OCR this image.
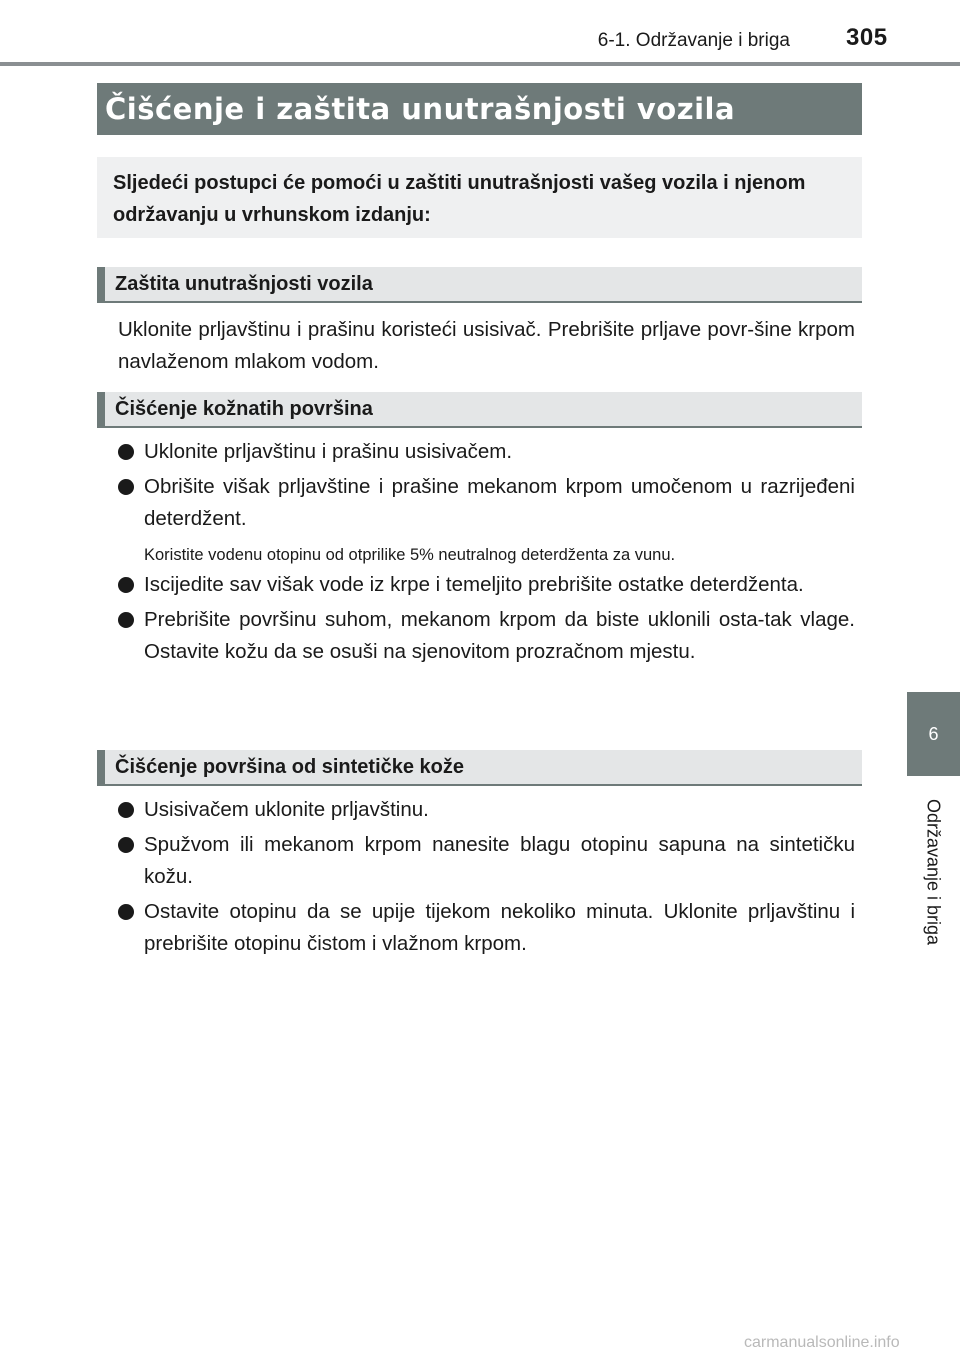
6-1. Održavanje i briga 305
Čišćenje i zaštita unutrašnjosti vozila
Sljedeći postupci će pomoći u zaštiti unutrašnjosti vašeg vozila i njenom održavanju u vrhunskom izdanju:
Zaštita unutrašnjosti vozila
Uklonite prljavštinu i prašinu koristeći usisivač. Prebrišite prljave povr-šine krpom navlaženom mlakom vodom.
Čišćenje kožnatih površina
Uklonite prljavštinu i prašinu usisivačem.
Obrišite višak prljavštine i prašine mekanom krpom umočenom u razrijeđeni deterdžent.
Koristite vodenu otopinu od otprilike 5% neutralnog deterdženta za vunu.
Iscijedite sav višak vode iz krpe i temeljito prebrišite ostatke deterdženta.
Prebrišite površinu suhom, mekanom krpom da biste uklonili osta-tak vlage. Ostavite kožu da se osuši na sjenovitom prozračnom mjestu.
Čišćenje površina od sintetičke kože
Usisivačem uklonite prljavštinu.
Spužvom ili mekanom krpom nanesite blagu otopinu sapuna na sintetičku kožu.
Ostavite otopinu da se upije tijekom nekoliko minuta. Uklonite prljavštinu i prebrišite otopinu čistom i vlažnom krpom.
6
Održavanje i briga
carmanualsonline.info
